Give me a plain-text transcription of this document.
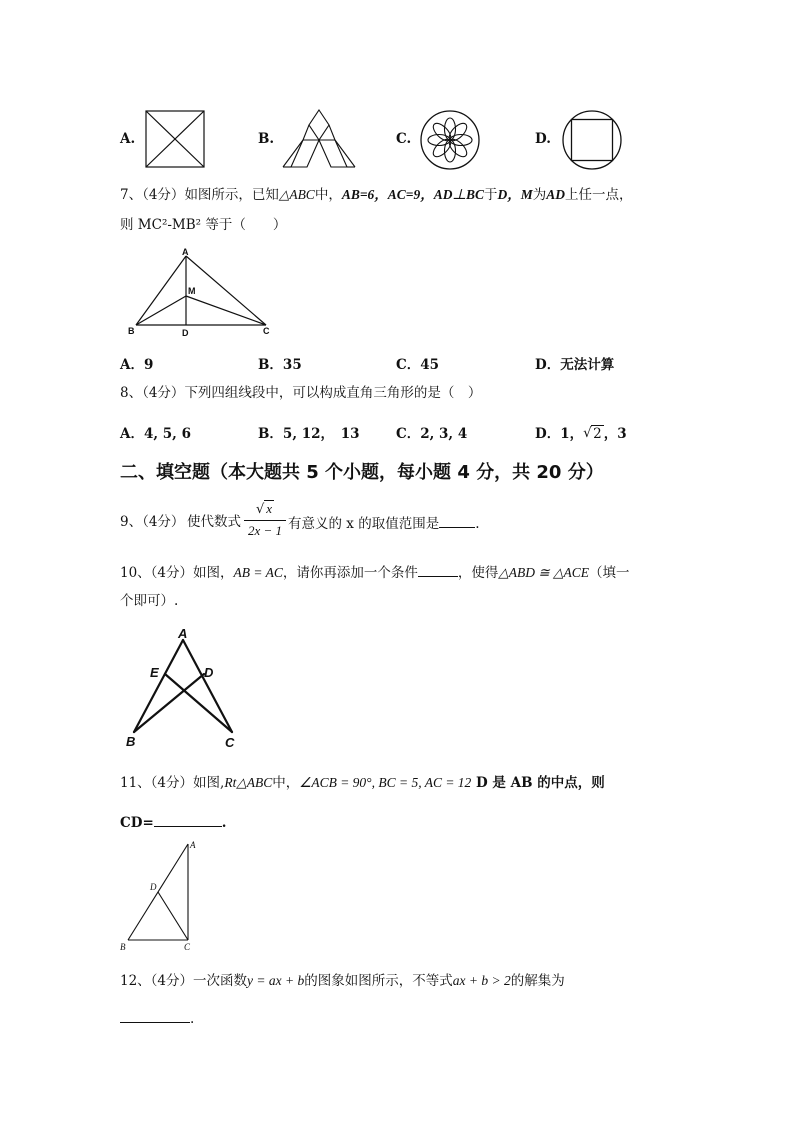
A.	B.	C.	D.
7、（4分）如图所示，已知△ABC中，AB=6，AC=9，AD⊥BC于D，M为AD上任一点，
则 MC²-MB² 等于（　　）
A
M
B	D	C
A．9	B．35	C．45	D．无法计算
8、（4分）下列四组线段中，可以构成直角三角形的是（　）
A．4, 5, 6	B．5, 12，　13	C．2, 3, 4	D．1， √ 2 ，3
二、填空题（本大题共 5 个小题，每小题 4 分，共 20 分）
9、（4分） 使代数式
√ x
2x − 1 有意义的 x 的取值范围是	.
10、（4分）如图，AB = AC，请你再添加一个条件	，使得△ABD ≅ △ACE（填一
个即可）.
A
E	D
B	C
11、（4分）如图,Rt△ABC中，∠ACB = 90°, BC = 5, AC = 12 D 是 AB 的中点，则
CD=	.
A
D
B	C
12、（4分）一次函数y = ax + b的图象如图所示，不等式ax + b > 2的解集为
.
